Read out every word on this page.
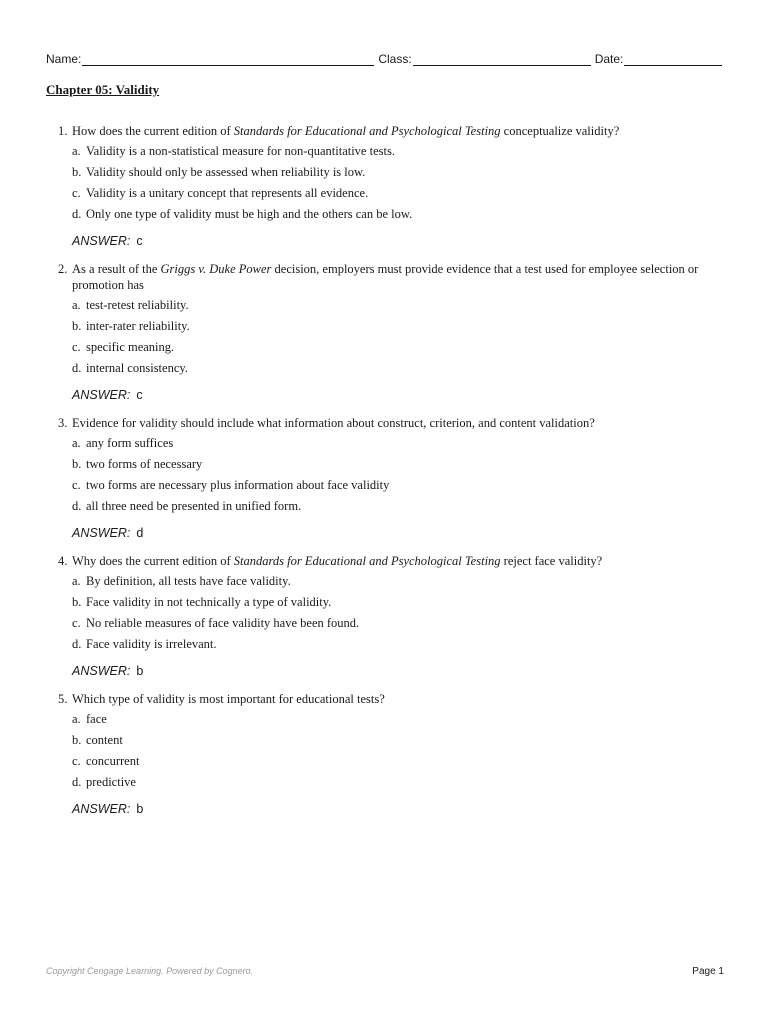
Name:	Class:	Date:
Chapter 05: Validity
1. How does the current edition of Standards for Educational and Psychological Testing conceptualize validity?
a. Validity is a non-statistical measure for non-quantitative tests.
b. Validity should only be assessed when reliability is low.
c. Validity is a unitary concept that represents all evidence.
d. Only one type of validity must be high and the others can be low.
ANSWER: c
2. As a result of the Griggs v. Duke Power decision, employers must provide evidence that a test used for employee selection or promotion has
a. test-retest reliability.
b. inter-rater reliability.
c. specific meaning.
d. internal consistency.
ANSWER: c
3. Evidence for validity should include what information about construct, criterion, and content validation?
a. any form suffices
b. two forms of necessary
c. two forms are necessary plus information about face validity
d. all three need be presented in unified form.
ANSWER: d
4. Why does the current edition of Standards for Educational and Psychological Testing reject face validity?
a. By definition, all tests have face validity.
b. Face validity in not technically a type of validity.
c. No reliable measures of face validity have been found.
d. Face validity is irrelevant.
ANSWER: b
5. Which type of validity is most important for educational tests?
a. face
b. content
c. concurrent
d. predictive
ANSWER: b
Copyright Cengage Learning. Powered by Cognero.	Page 1
